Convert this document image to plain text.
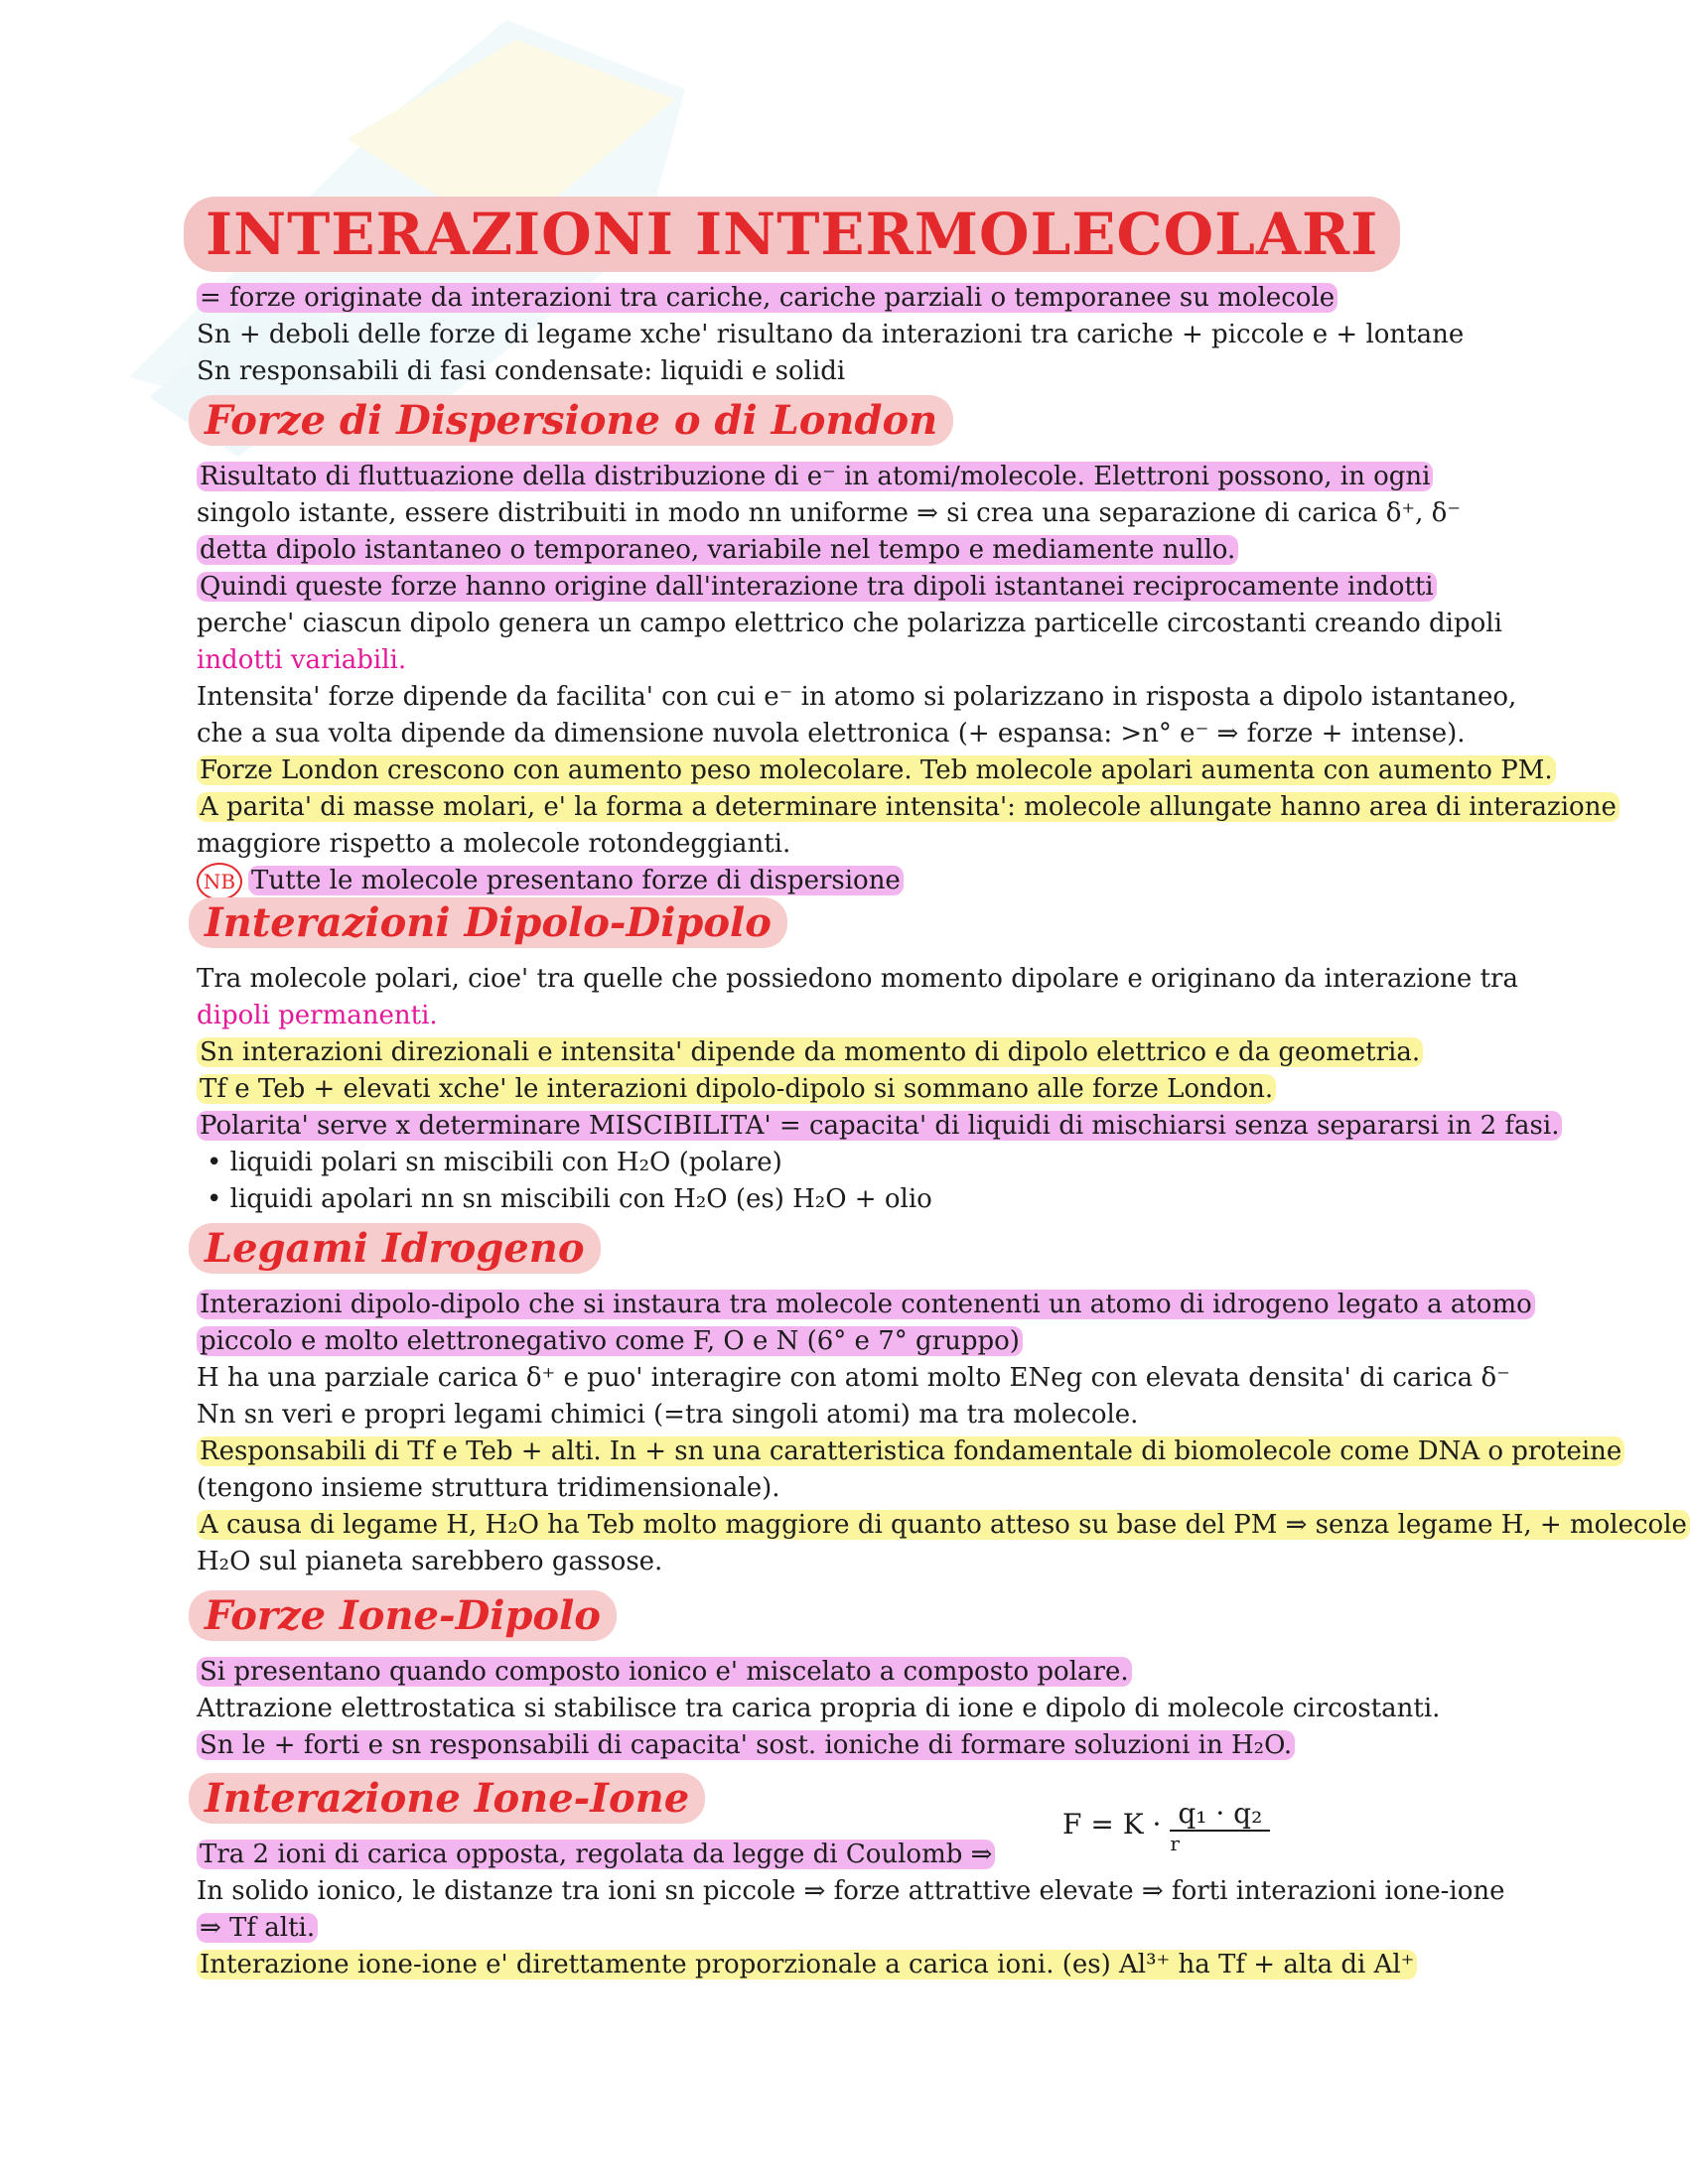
INTERAZIONI INTERMOLECOLARI
= forze originate da interazioni tra cariche, cariche parziali o temporanee su molecole
Sn + deboli delle forze di legame xche' risultano da interazioni tra cariche + piccole e + lontane
Sn responsabili di fasi condensate: liquidi e solidi
Forze di Dispersione o di London
Risultato di fluttuazione della distribuzione di e⁻ in atomi/molecole. Elettroni possono, in ogni
singolo istante, essere distribuiti in modo nn uniforme ⇒ si crea una separazione di carica δ⁺, δ⁻
detta dipolo istantaneo o temporaneo, variabile nel tempo e mediamente nullo.
Quindi queste forze hanno origine dall'interazione tra dipoli istantanei reciprocamente indotti
perche' ciascun dipolo genera un campo elettrico che polarizza particelle circostanti creando dipoli
indotti variabili.
Intensita' forze dipende da facilita' con cui e⁻ in atomo si polarizzano in risposta a dipolo istantaneo,
che a sua volta dipende da dimensione nuvola elettronica (+ espansa: >n° e⁻ ⇒ forze + intense).
Forze London crescono con aumento peso molecolare. Teb molecole apolari aumenta con aumento PM.
A parita' di masse molari, e' la forma a determinare intensita': molecole allungate hanno area di interazione
maggiore rispetto a molecole rotondeggianti.
NB Tutte le molecole presentano forze di dispersione
Interazioni Dipolo-Dipolo
Tra molecole polari, cioe' tra quelle che possiedono momento dipolare e originano da interazione tra
dipoli permanenti.
Sn interazioni direzionali e intensita' dipende da momento di dipolo elettrico e da geometria.
Tf e Teb + elevati xche' le interazioni dipolo-dipolo si sommano alle forze London.
Polarita' serve x determinare MISCIBILITA' = capacita' di liquidi di mischiarsi senza separarsi in 2 fasi.
• liquidi polari sn miscibili con H₂O (polare)
• liquidi apolari nn sn miscibili con H₂O (es) H₂O + olio
Legami Idrogeno
Interazioni dipolo-dipolo che si instaura tra molecole contenenti un atomo di idrogeno legato a atomo
piccolo e molto elettronegativo come F, O e N (6° e 7° gruppo)
H ha una parziale carica δ⁺ e puo' interagire con atomi molto ENeg con elevata densita' di carica δ⁻
Nn sn veri e propri legami chimici (=tra singoli atomi) ma tra molecole.
Responsabili di Tf e Teb + alti. In + sn una caratteristica fondamentale di biomolecole come DNA o proteine
(tengono insieme struttura tridimensionale).
A causa di legame H, H₂O ha Teb molto maggiore di quanto atteso su base del PM ⇒ senza legame H, + molecole
H₂O sul pianeta sarebbero gassose.
Forze Ione-Dipolo
Si presentano quando composto ionico e' miscelato a composto polare.
Attrazione elettrostatica si stabilisce tra carica propria di ione e dipolo di molecole circostanti.
Sn le + forti e sn responsabili di capacita' sost. ioniche di formare soluzioni in H₂O.
Interazione Ione-Ione
Tra 2 ioni di carica opposta, regolata da legge di Coulomb ⇒
In solido ionico, le distanze tra ioni sn piccole ⇒ forze attrattive elevate ⇒ forti interazioni ione-ione
⇒ Tf alti.
Interazione ione-ione e' direttamente proporzionale a carica ioni. (es) Al³⁺ ha Tf + alta di Al⁺
$F = K \cdot \frac{\text{q₁ · q₂}}{r}$
